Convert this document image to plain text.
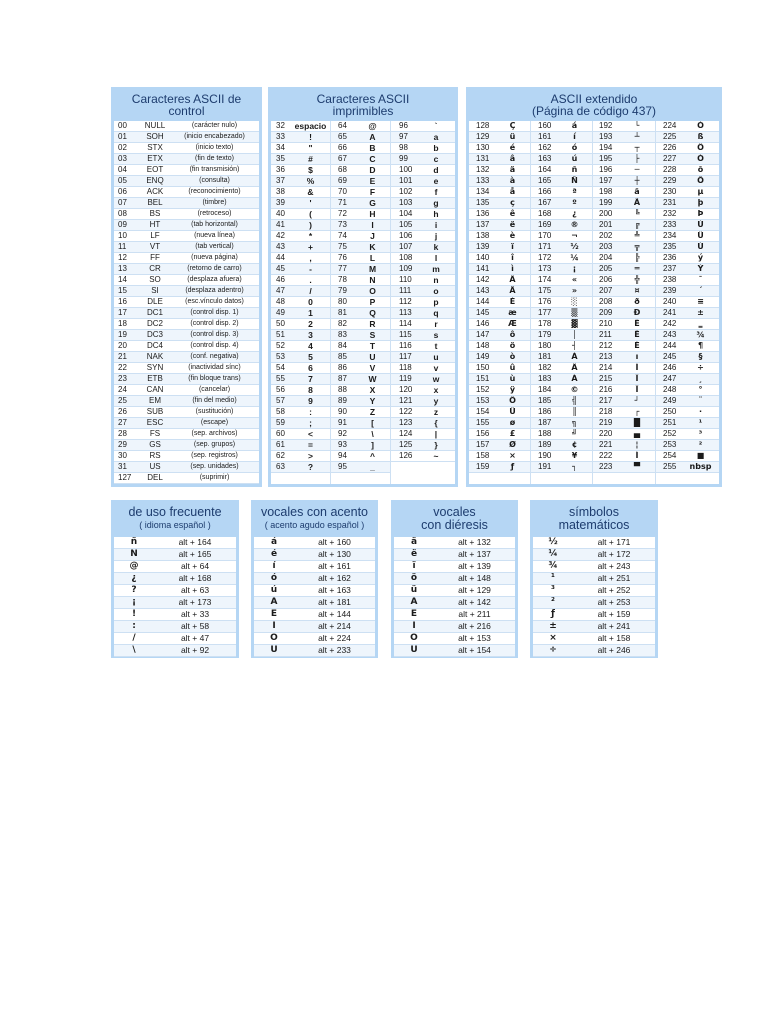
Caracteres ASCII de
control
00	NULL	(carácter nulo)
01	SOH	(inicio encabezado)
02	STX	(inicio texto)
03	ETX	(fin de texto)
04	EOT	(fin transmisión)
05	ENQ	(consulta)
06	ACK	(reconocimiento)
07	BEL	(timbre)
08	BS	(retroceso)
09	HT	(tab horizontal)
10	LF	(nueva línea)
11	VT	(tab vertical)
12	FF	(nueva página)
13	CR	(retorno de carro)
14	SO	(desplaza afuera)
15	SI	(desplaza adentro)
16	DLE	(esc.vínculo datos)
17	DC1	(control disp. 1)
18	DC2	(control disp. 2)
19	DC3	(control disp. 3)
20	DC4	(control disp. 4)
21	NAK	(conf. negativa)
22	SYN	(inactividad sínc)
23	ETB	(fin bloque trans)
24	CAN	(cancelar)
25	EM	(fin del medio)
26	SUB	(sustitución)
27	ESC	(escape)
28	FS	(sep. archivos)
29	GS	(sep. grupos)
30	RS	(sep. registros)
31	US	(sep. unidades)
127	DEL	(suprimir)
Caracteres ASCII
imprimibles
32	espacio
33	!
34	"
35	#
36	$
37	%
38	&
39	'
40	(
41	)
42	*
43	+
44	,
45	-
46	.
47	/
48	0
49	1
50	2
51	3
52	4
53	5
54	6
55	7
56	8
57	9
58	:
59	;
60	<
61	=
62	>
63	?
64	@
65	A
66	B
67	C
68	D
69	E
70	F
71	G
72	H
73	I
74	J
75	K
76	L
77	M
78	N
79	O
80	P
81	Q
82	R
83	S
84	T
85	U
86	V
87	W
88	X
89	Y
90	Z
91	[
92	\
93	]
94	^
95	_
96	`
97	a
98	b
99	c
100	d
101	e
102	f
103	g
104	h
105	i
106	j
107	k
108	l
109	m
110	n
111	o
112	p
113	q
114	r
115	s
116	t
117	u
118	v
119	w
120	x
121	y
122	z
123	{
124	|
125	}
126	~
ASCII extendido
(Página de código 437)
128	Ç
129	ü
130	é
131	â
132	ä
133	à
134	å
135	ç
136	ê
137	ë
138	è
139	ï
140	î
141	ì
142	Ä
143	Å
144	É
145	æ
146	Æ
147	ô
148	ö
149	ò
150	û
151	ù
152	ÿ
153	Ö
154	Ü
155	ø
156	£
157	Ø
158	×
159	ƒ
160	á
161	í
162	ó
163	ú
164	ñ
165	Ñ
166	ª
167	º
168	¿
169	®
170	¬
171	½
172	¼
173	¡
174	«
175	»
176	░
177	▒
178	▓
179	│
180	┤
181	Á
182	Â
183	À
184	©
185	╣
186	║
187	╗
188	╝
189	¢
190	¥
191	┐
192	└
193	┴
194	┬
195	├
196	─
197	┼
198	ã
199	Ã
200	╚
201	╔
202	╩
203	╦
204	╠
205	═
206	╬
207	¤
208	ð
209	Ð
210	Ê
211	Ë
212	È
213	ı
214	Í
215	Î
216	Ï
217	┘
218	┌
219	█
220	▄
221	¦
222	Ì
223	▀
224	Ó
225	ß
226	Ô
227	Ò
228	õ
229	Õ
230	µ
231	þ
232	Þ
233	Ú
234	Û
235	Ù
236	ý
237	Ý
238	¯
239	´
240	≡
241	±
242	‗
243	¾
244	¶
245	§
246	÷
247	¸
248	°
249	¨
250	·
251	¹
252	³
253	²
254	■
255	nbsp
de uso frecuente
( idioma español )
ñ	alt + 164
Ñ	alt + 165
@	alt + 64
¿	alt + 168
?	alt + 63
¡	alt + 173
!	alt + 33
:	alt + 58
/	alt + 47
\	alt + 92
vocales con acento
( acento agudo español )
á	alt + 160
é	alt + 130
í	alt + 161
ó	alt + 162
ú	alt + 163
Á	alt + 181
É	alt + 144
Í	alt + 214
Ó	alt + 224
Ú	alt + 233
vocales
con diéresis
ä	alt + 132
ë	alt + 137
ï	alt + 139
ö	alt + 148
ü	alt + 129
Ä	alt + 142
Ë	alt + 211
Ï	alt + 216
Ö	alt + 153
Ü	alt + 154
símbolos
matemáticos
½	alt + 171
¼	alt + 172
¾	alt + 243
¹	alt + 251
³	alt + 252
²	alt + 253
ƒ	alt + 159
±	alt + 241
×	alt + 158
÷	alt + 246
